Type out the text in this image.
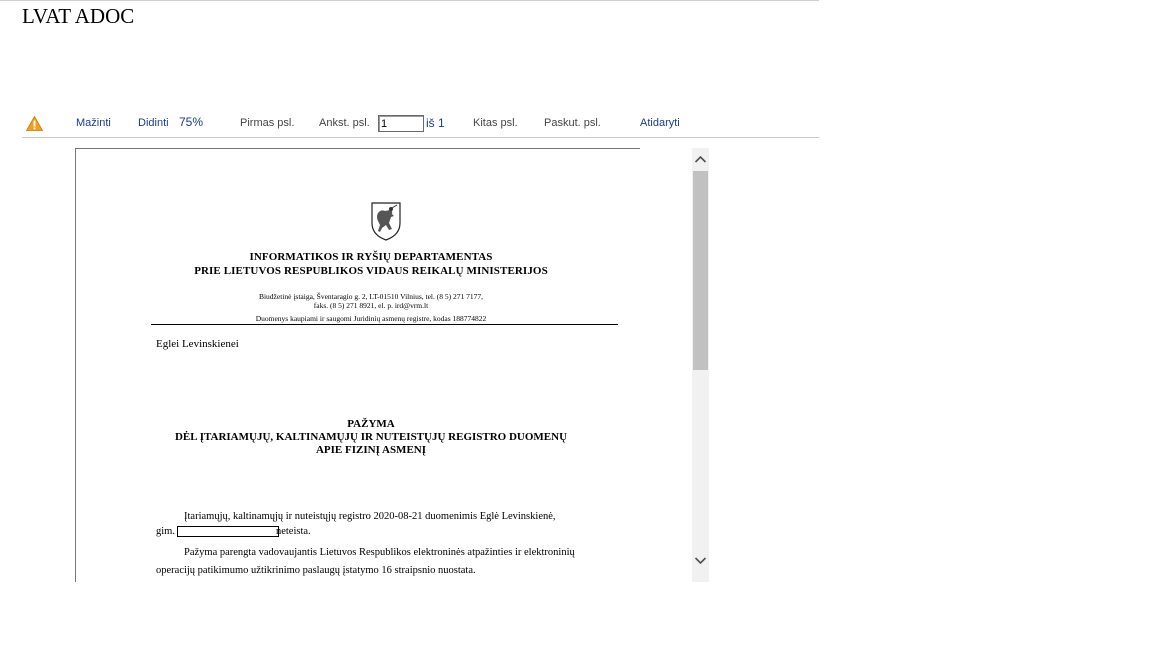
LVAT ADOC
Mažinti Didinti 75%	Pirmas psl. Ankst. psl.
1	iš 1	Kitas psl. Paskut. psl.	Atidaryti
INFORMATIKOS IR RYŠIŲ DEPARTAMENTAS
PRIE LIETUVOS RESPUBLIKOS VIDAUS REIKALŲ MINISTERIJOS
Biudžetinė įstaiga, Šventaragio g. 2, LT-01510 Vilnius, tel. (8 5) 271 7177,
faks. (8 5) 271 8921, el. p. ird@vrm.lt
Duomenys kaupiami ir saugomi Juridinių asmenų registre, kodas 188774822
Eglei Levinskienei
PAŽYMA
DĖL ĮTARIAMŲJŲ, KALTINAMŲJŲ IR NUTEISTŲJŲ REGISTRO DUOMENŲ
APIE FIZINĮ ASMENĮ
Įtariamųjų, kaltinamųjų ir nuteistųjų registro 2020-08-21 duomenimis Eglė Levinskienė,
gim.	neteista.
Pažyma parengta vadovaujantis Lietuvos Respublikos elektroninės atpažinties ir elektroninių
operacijų patikimumo užtikrinimo paslaugų įstatymo 16 straipsnio nuostata.
